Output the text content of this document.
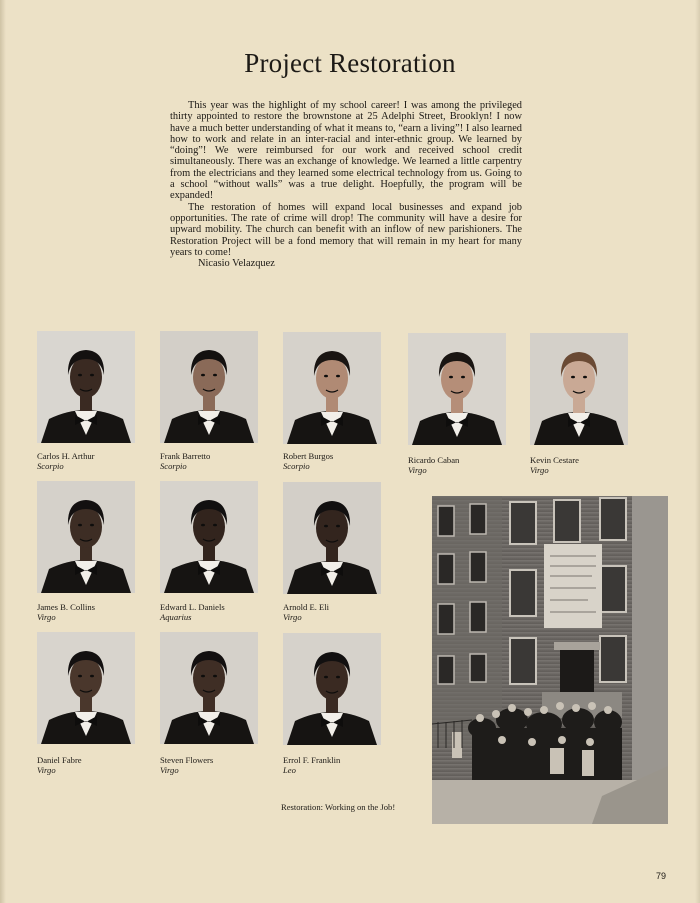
Project Restoration

This year was the highlight of my school career! I was among the privileged thirty appointed to restore the brownstone at 25 Adelphi Street, Brooklyn! I now have a much better understanding of what it means to, “earn a living”! I also learned how to work and relate in an inter-racial and inter-ethnic group. We learned by “doing”! We were reimbursed for our work and received school credit simultaneously. There was an exchange of knowledge. We learned a little carpentry from the electricians and they learned some electrical technology from us. Going to a school “without walls” was a true delight. Hoepfully, the program will be expanded!

The restoration of homes will expand local businesses and expand job opportunities. The rate of crime will drop! The community will have a desire for upward mobility. The church can benefit with an inflow of new parishioners. The Restoration Project will be a fond memory that will remain in my heart for many years to come!

Nicasio Velazquez

Carlos H. Arthur
Scorpio
Frank Barretto
Scorpio
Robert Burgos
Scorpio
Ricardo Caban
Virgo
Kevin Cestare
Virgo
James B. Collins
Virgo
Edward L. Daniels
Aquarius
Arnold E. Eli
Virgo
Daniel Fabre
Virgo
Steven Flowers
Virgo
Errol F. Franklin
Leo
Restoration: Working on the Job!
79
